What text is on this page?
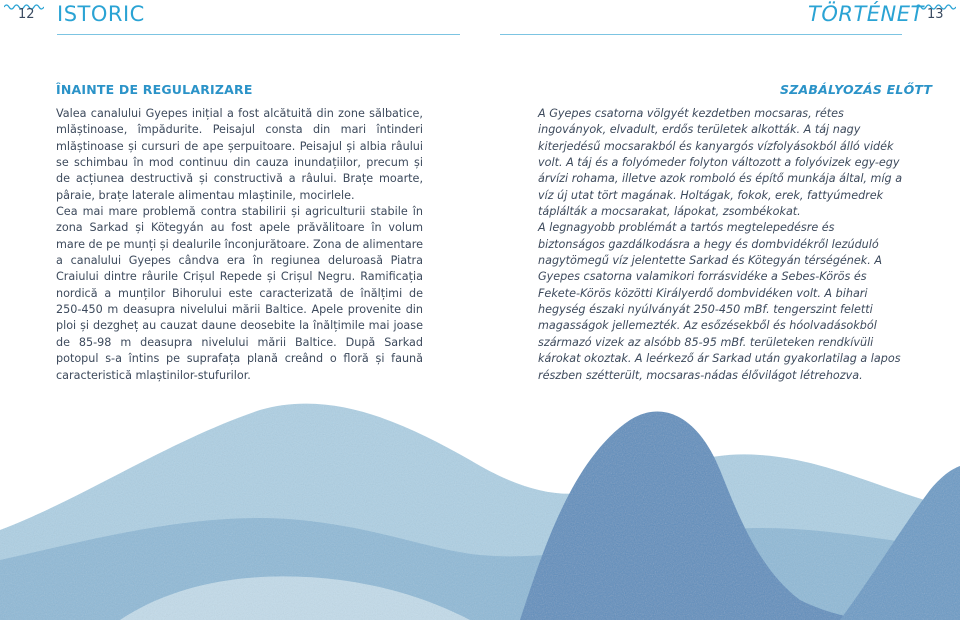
12 ISTORIC	TÖRTÉNET 13
ÎNAINTE DE REGULARIZARE	SZABÁLYOZÁS ELŐTT

Valea canalului Gyepes inițial a fost alcătuită din zone sălbatice, mlăștinoase, împădurite. Peisajul consta din mari întinderi mlăștinoase și cursuri de ape șerpuitoare. Peisajul și albia râului se schimbau în mod continuu din cauza inundațiilor, precum și de acțiunea destructivă și constructivă a râului. Brațe moarte, pâraie, brațe laterale alimentau mlaștinile, mocirlele.

Cea mai mare problemă contra stabilirii și agriculturii stabile în zona Sarkad și Kötegyán au fost apele prăvălitoare în volum mare de pe munți și dealurile înconjurătoare. Zona de alimentare a canalului Gyepes cândva era în regiunea deluroasă Piatra Craiului dintre râurile Crișul Repede și Crișul Negru. Ramificația nordică a munților Bihorului este caracterizată de înălțimi de 250-450 m deasupra nivelului mării Baltice. Apele provenite din ploi și dezgheț au cauzat daune deosebite la înălțimile mai joase de 85-98 m deasupra nivelului mării Baltice. După Sarkad potopul s-a întins pe suprafața plană creând o floră și faună caracteristică mlaștinilor-stufurilor.

A Gyepes csatorna völgyét kezdetben mocsaras, rétes ingoványok, elvadult, erdős területek alkották. A táj nagy kiterjedésű mocsarakból és kanyargós vízfolyásokból álló vidék volt. A táj és a folyómeder folyton változott a folyóvizek egy-egy árvízi rohama, illetve azok romboló és építő munkája által, míg a víz új utat tört magának. Holtágak, fokok, erek, fattyúmedrek táplálták a mocsarakat, lápokat, zsombékokat.

A legnagyobb problémát a tartós megtelepedésre és biztonságos gazdálkodásra a hegy és dombvidékről lezúduló nagytömegű víz jelentette Sarkad és Kötegyán térségének. A Gyepes csatorna valamikori forrásvidéke a Sebes-Körös és Fekete-Körös közötti Királyerdő dombvidéken volt. A bihari hegység északi nyúlványát 250-450 mBf. tengerszint feletti magasságok jellemezték. Az esőzésekből és hóolvadásokból származó vizek az alsóbb 85-95 mBf. területeken rendkívüli károkat okoztak. A leérkező ár Sarkad után gyakorlatilag a lapos részben szétterült, mocsaras-nádas élővilágot létrehozva.
